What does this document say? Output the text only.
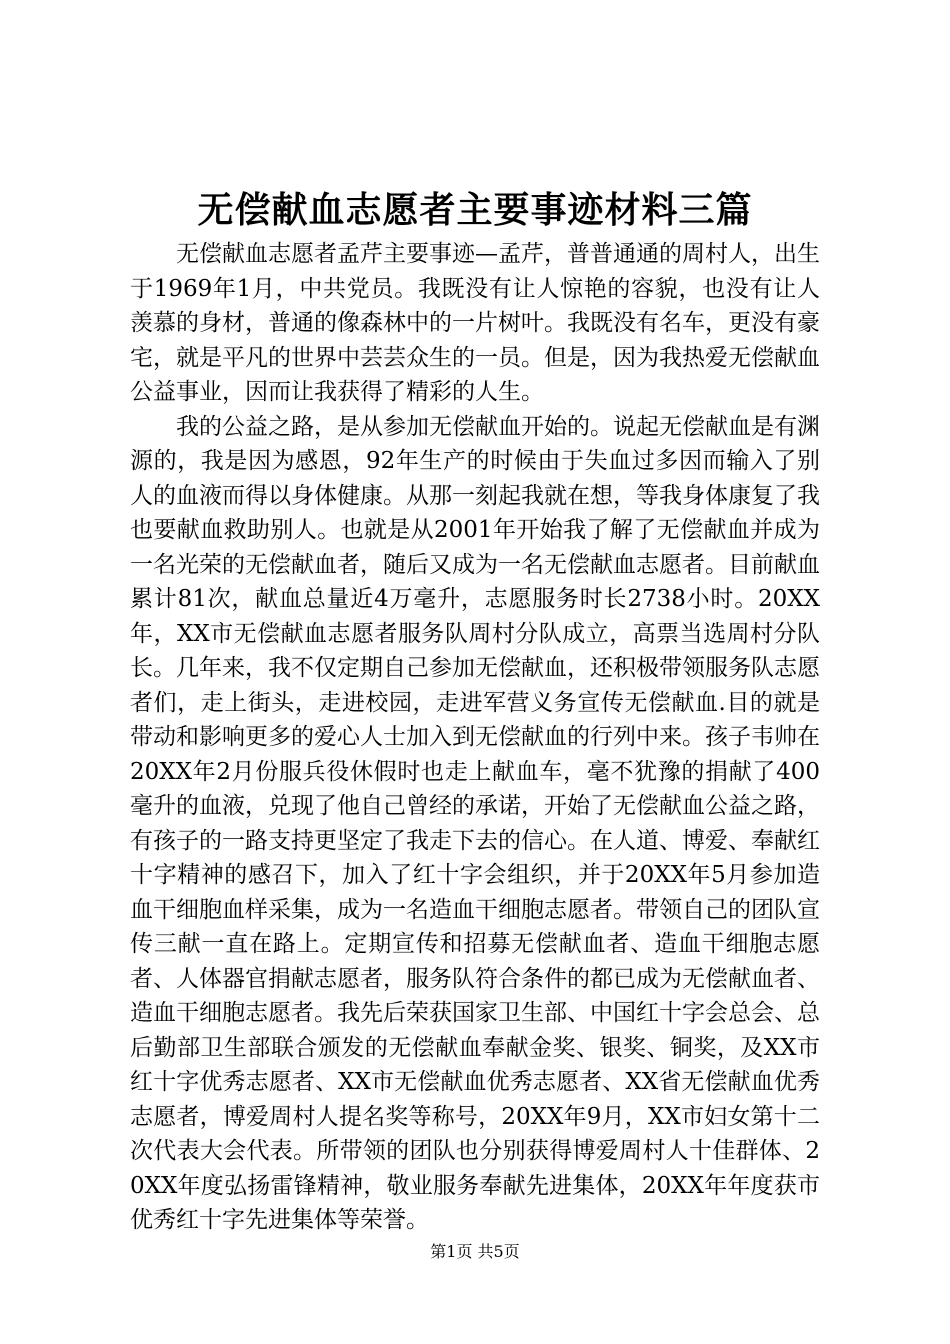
无偿献血志愿者主要事迹材料三篇

无偿献血志愿者孟芹主要事迹—孟芹，普普通通的周村人，出生于1969年1月，中共党员。我既没有让人惊艳的容貌，也没有让人羡慕的身材，普通的像森林中的一片树叶。我既没有名车，更没有豪宅，就是平凡的世界中芸芸众生的一员。但是，因为我热爱无偿献血公益事业，因而让我获得了精彩的人生。

我的公益之路，是从参加无偿献血开始的。说起无偿献血是有渊源的，我是因为感恩，92年生产的时候由于失血过多因而输入了别人的血液而得以身体健康。从那一刻起我就在想，等我身体康复了我也要献血救助别人。也就是从2001年开始我了解了无偿献血并成为一名光荣的无偿献血者，随后又成为一名无偿献血志愿者。目前献血累计81次，献血总量近4万毫升，志愿服务时长2738小时。20XX年，XX市无偿献血志愿者服务队周村分队成立，高票当选周村分队长。几年来，我不仅定期自己参加无偿献血，还积极带领服务队志愿者们，走上街头，走进校园，走进军营义务宣传无偿献血.目的就是带动和影响更多的爱心人士加入到无偿献血的行列中来。孩子韦帅在20XX年2月份服兵役休假时也走上献血车，毫不犹豫的捐献了400毫升的血液，兑现了他自己曾经的承诺，开始了无偿献血公益之路，有孩子的一路支持更坚定了我走下去的信心。在人道、博爱、奉献红十字精神的感召下，加入了红十字会组织，并于20XX年5月参加造血干细胞血样采集，成为一名造血干细胞志愿者。带领自己的团队宣传三献一直在路上。定期宣传和招募无偿献血者、造血干细胞志愿者、人体器官捐献志愿者，服务队符合条件的都已成为无偿献血者、造血干细胞志愿者。我先后荣获国家卫生部、中国红十字会总会、总后勤部卫生部联合颁发的无偿献血奉献金奖、银奖、铜奖，及XX市红十字优秀志愿者、XX市无偿献血优秀志愿者、XX省无偿献血优秀志愿者，博爱周村人提名奖等称号，20XX年9月，XX市妇女第十二次代表大会代表。所带领的团队也分别获得博爱周村人十佳群体、20XX年度弘扬雷锋精神，敬业服务奉献先进集体，20XX年年度获市优秀红十字先进集体等荣誉。

第1页 共5页
